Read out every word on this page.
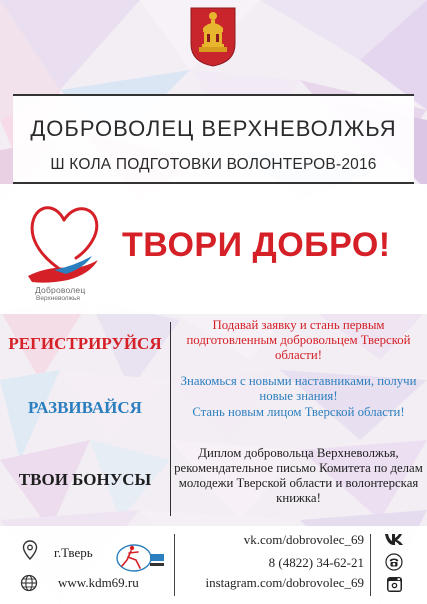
ДОБРОВОЛЕЦ ВЕРХНЕВОЛЖЬЯ
Ш КОЛА ПОДГОТОВКИ ВОЛОНТЕРОВ-2016
Доброволец
Верхневолжья
ТВОРИ ДОБРО!
РЕГИСТРИРУЙСЯ
РАЗВИВАЙСЯ
ТВОИ БОНУСЫ
Подавай заявку и стань первым подготовленным добровольцем Тверской области!
Знакомься с новыми наставниками, получи новые знания!
Стань новым лицом Тверской области!
Диплом добровольца Верхневолжья, рекомендательное письмо Комитета по делам молодежи Тверской области и волонтерская книжка!
г.Тверь
www.kdm69.ru
vk.com/dobrovolec_69
8 (4822) 34-62-21
instagram.com/dobrovolec_69
